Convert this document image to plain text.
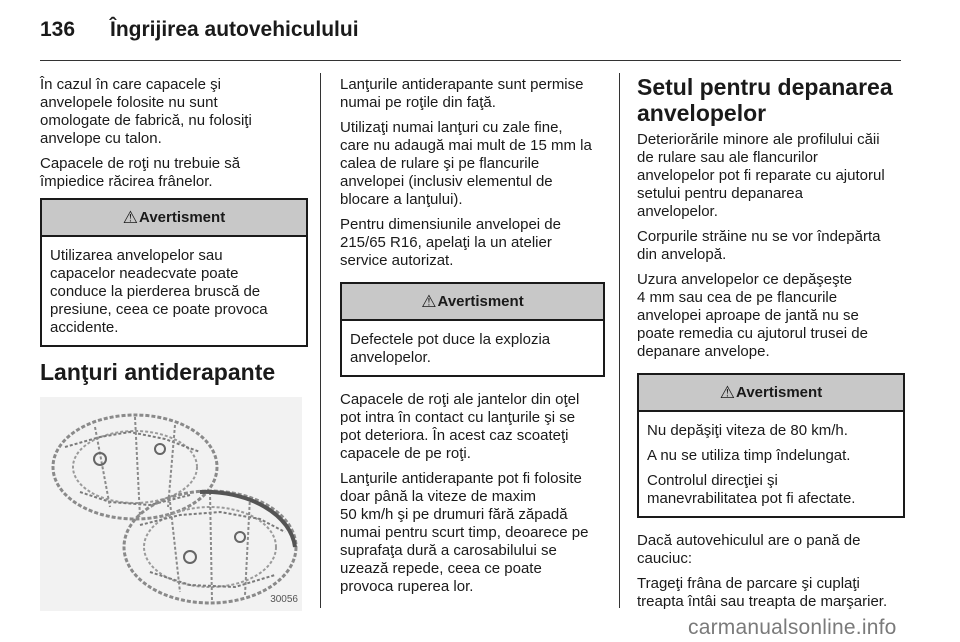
136 Îngrijirea autovehiculului

În cazul în care capacele şi
anvelopele folosite nu sunt
omologate de fabrică, nu folosiţi
anvelope cu talon.

Capacele de roţi nu trebuie să
împiedice răcirea frânelor.

⚠ Avertisment

Utilizarea anvelopelor sau
capacelor neadecvate poate
conduce la pierderea bruscă de
presiune, ceea ce poate provoca
accidente.

Lanţuri antiderapante
30056

Lanţurile antiderapante sunt permise
numai pe roţile din faţă.

Utilizaţi numai lanţuri cu zale fine,
care nu adaugă mai mult de 15 mm la
calea de rulare şi pe flancurile
anvelopei (inclusiv elementul de
blocare a lanţului).

Pentru dimensiunile anvelopei de
215/65 R16, apelaţi la un atelier
service autorizat.

⚠ Avertisment

Defectele pot duce la explozia
anvelopelor.

Capacele de roţi ale jantelor din oţel
pot intra în contact cu lanţurile şi se
pot deteriora. În acest caz scoateţi
capacele de pe roţi.

Lanţurile antiderapante pot fi folosite
doar până la viteze de maxim
50 km/h şi pe drumuri fără zăpadă
numai pentru scurt timp, deoarece pe
suprafaţa dură a carosabilului se
uzează repede, ceea ce poate
provoca ruperea lor.

Setul pentru depanarea
anvelopelor

Deteriorările minore ale profilului căii
de rulare sau ale flancurilor
anvelopelor pot fi reparate cu ajutorul
setului pentru depanarea
anvelopelor.

Corpurile străine nu se vor îndepărta
din anvelopă.

Uzura anvelopelor ce depăşeşte
4 mm sau cea de pe flancurile
anvelopei aproape de jantă nu se
poate remedia cu ajutorul trusei de
depanare anvelope.

⚠ Avertisment

Nu depăşiţi viteza de 80 km/h.

A nu se utiliza timp îndelungat.

Controlul direcţiei şi
manevrabilitatea pot fi afectate.

Dacă autovehiculul are o pană de
cauciuc:

Trageţi frâna de parcare şi cuplaţi
treapta întâi sau treapta de marşarier.

carmanualsonline.info
